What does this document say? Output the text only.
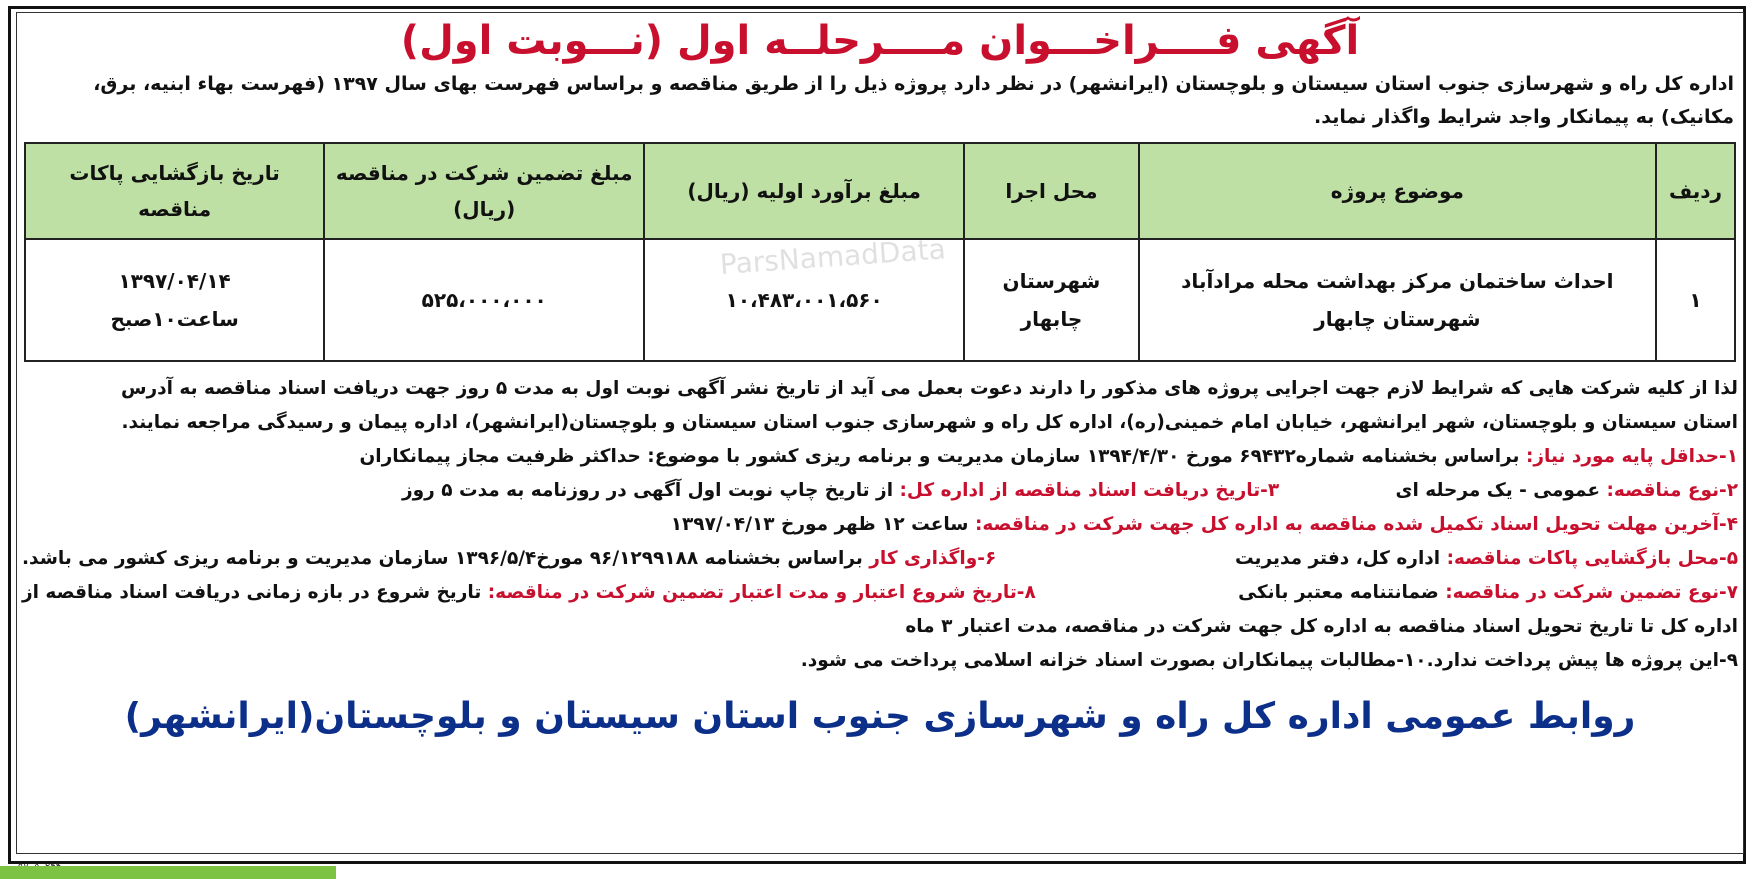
ParsNamadData
آگهی فــــراخـــوان مــــرحلــه اول (نـــوبت اول)

اداره کل راه و شهرسازی جنوب استان سیستان و بلوچستان (ایرانشهر) در نظر دارد پروژه ذیل را از طریق مناقصه و براساس فهرست بهای سال ۱۳۹۷ (فهرست بهاء ابنیه، برق، مکانیک) به پیمانکار واجد شرایط واگذار نماید.

ردیف	موضوع پروژه	محل اجرا	مبلغ برآورد اولیه (ریال)	مبلغ تضمین شرکت در مناقصه (ریال)	تاریخ بازگشایی پاکات مناقصه
۱	احداث ساختمان مرکز بهداشت محله مرادآباد شهرستان چابهار	شهرستان چابهار	۱۰،۴۸۳،۰۰۱،۵۶۰	۵۲۵،۰۰۰،۰۰۰	۱۳۹۷/۰۴/۱۴
ساعت۱۰صبح

لذا از کلیه شرکت هایی که شرایط لازم جهت اجرایی پروژه های مذکور را دارند دعوت بعمل می آید از تاریخ نشر آگهی نوبت اول به مدت ۵ روز جهت دریافت اسناد مناقصه به آدرس

استان سیستان و بلوچستان، شهر ایرانشهر، خیابان امام خمینی(ره)، اداره کل راه و شهرسازی جنوب استان سیستان و بلوچستان(ایرانشهر)، اداره پیمان و رسیدگی مراجعه نمایند.

۱-حداقل پایه مورد نیاز: براساس بخشنامه شماره۶۹۴۳۲ مورخ ۱۳۹۴/۴/۳۰ سازمان مدیریت و برنامه ریزی کشور با موضوع: حداکثر ظرفیت مجاز پیمانکاران

۲-نوع مناقصه: عمومی - یک مرحله ای
۳-تاریخ دریافت اسناد مناقصه از اداره کل: از تاریخ چاپ نوبت اول آگهی در روزنامه به مدت ۵ روز

۴-آخرین مهلت تحویل اسناد تکمیل شده مناقصه به اداره کل جهت شرکت در مناقصه: ساعت ۱۲ ظهر مورخ ۱۳۹۷/۰۴/۱۳

۵-محل بازگشایی پاکات مناقصه: اداره کل، دفتر مدیریت
۶-واگذاری کار براساس بخشنامه ۹۶/۱۲۹۹۱۸۸ مورخ۱۳۹۶/۵/۴ سازمان مدیریت و برنامه ریزی کشور می باشد.
۷-نوع تضمین شرکت در مناقصه: ضمانتنامه معتبر بانکی
۸-تاریخ شروع اعتبار و مدت اعتبار تضمین شرکت در مناقصه: تاریخ شروع در بازه زمانی دریافت اسناد مناقصه از

اداره کل تا تاریخ تحویل اسناد مناقصه به اداره کل جهت شرکت در مناقصه، مدت اعتبار ۳ ماه

۹-این پروژه ها پیش پرداخت ندارد.
۱۰-مطالبات پیمانکاران بصورت اسناد خزانه اسلامی پرداخت می شود.
روابط عمومی اداره کل راه و شهرسازی جنوب استان سیستان و بلوچستان(ایرانشهر)
